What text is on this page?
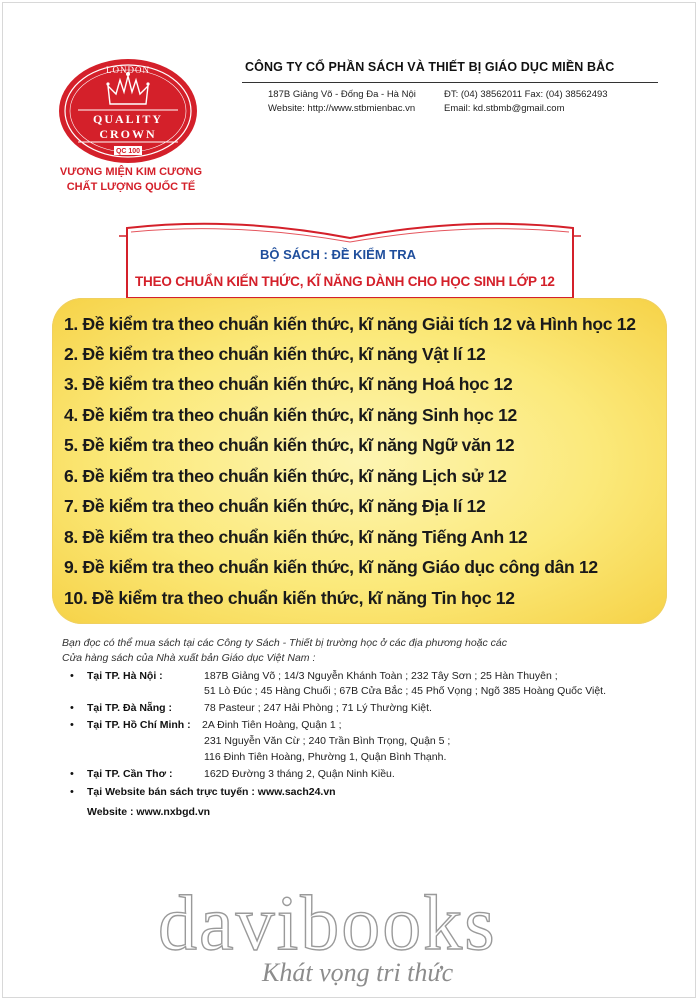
LONDON
QUALITY
CROWN
QC 100
VƯƠNG MIỆN KIM CƯƠNG
CHẤT LƯỢNG QUỐC TẾ
CÔNG TY CỔ PHẦN SÁCH VÀ THIẾT BỊ GIÁO DỤC MIỀN BẮC
187B Giảng Võ - Đống Đa - Hà Nội	ĐT: (04) 38562011 Fax: (04) 38562493
Website: http://www.stbmienbac.vn	Email: kd.stbmb@gmail.com
BỘ SÁCH : ĐỀ KIỂM TRA
THEO CHUẨN KIẾN THỨC, KĨ NĂNG DÀNH CHO HỌC SINH LỚP 12
1. Đề kiểm tra theo chuẩn kiến thức, kĩ năng Giải tích 12 và Hình học 12
2. Đề kiểm tra theo chuẩn kiến thức, kĩ năng Vật lí 12
3. Đề kiểm tra theo chuẩn kiến thức, kĩ năng Hoá học 12
4. Đề kiểm tra theo chuẩn kiến thức, kĩ năng Sinh học 12
5. Đề kiểm tra theo chuẩn kiến thức, kĩ năng Ngữ văn 12
6. Đề kiểm tra theo chuẩn kiến thức, kĩ năng Lịch sử 12
7. Đề kiểm tra theo chuẩn kiến thức, kĩ năng Địa lí 12
8. Đề kiểm tra theo chuẩn kiến thức, kĩ năng Tiếng Anh 12
9. Đề kiểm tra theo chuẩn kiến thức, kĩ năng Giáo dục công dân 12
10. Đề kiểm tra theo chuẩn kiến thức, kĩ năng Tin học 12
Bạn đọc có thể mua sách tại các Công ty Sách - Thiết bị trường học ở các địa phương hoặc các
Cửa hàng sách của Nhà xuất bản Giáo dục Việt Nam :
• Tại TP. Hà Nội :	187B Giảng Võ ; 14/3 Nguyễn Khánh Toàn ; 232 Tây Sơn ; 25 Hàn Thuyên ;
51 Lò Đúc ; 45 Hàng Chuối ; 67B Cửa Bắc ; 45 Phố Vọng ; Ngõ 385 Hoàng Quốc Việt.
• Tại TP. Đà Nẵng :	78 Pasteur ; 247 Hải Phòng ; 71 Lý Thường Kiệt.
• Tại TP. Hồ Chí Minh : 2A Đinh Tiên Hoàng, Quận 1 ;
231 Nguyễn Văn Cừ ; 240 Trần Bình Trọng, Quận 5 ;
116 Đinh Tiên Hoàng, Phường 1, Quận Bình Thạnh.
• Tại TP. Cần Thơ :	162D Đường 3 tháng 2, Quận Ninh Kiều.
• Tại Website bán sách trực tuyến : www.sach24.vn
Website : www.nxbgd.vn
davibooks
Khát vọng tri thức
